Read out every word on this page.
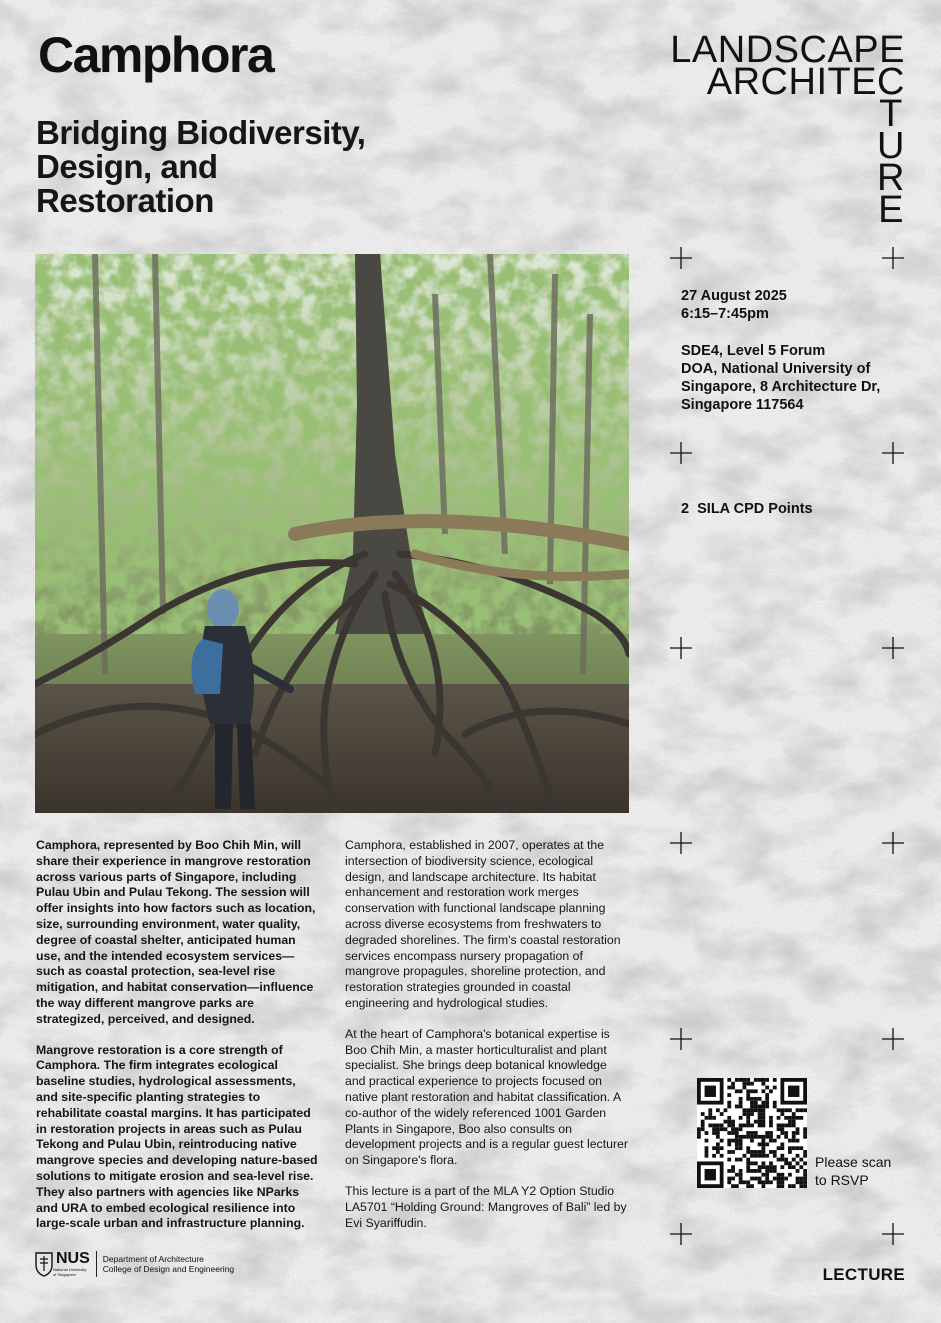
Camphora
Bridging Biodiversity,
Design, and
Restoration
LANDSCAPE
ARCHITEC
T
U
R
E
27 August 2025
6:15–7:45pm
SDE4, Level 5 Forum
DOA, National University of
Singapore, 8 Architecture Dr,
Singapore 117564
2  SILA CPD Points

Camphora, represented by Boo Chih Min, will share their experience in mangrove restoration across various parts of Singapore, including Pulau Ubin and Pulau Tekong. The session will offer insights into how factors such as location, size, surrounding environment, water quality, degree of coastal shelter, anticipated human use, and the intended ecosystem services—such as coastal protection, sea-level rise mitigation, and habitat conservation—influence the way different mangrove parks are strategized, perceived, and designed.

Mangrove restoration is a core strength of Camphora. The firm integrates ecological baseline studies, hydrological assessments, and site-specific planting strategies to rehabilitate coastal margins. It has participated in restoration projects in areas such as Pulau Tekong and Pulau Ubin, reintroducing native mangrove species and developing nature-based solutions to mitigate erosion and sea-level rise. They also partners with agencies like NParks and URA to embed ecological resilience into large-scale urban and infrastructure planning.

Camphora, established in 2007, operates at the intersection of biodiversity science, ecological design, and landscape architecture. Its habitat enhancement and restoration work merges conservation with functional landscape planning across diverse ecosystems from freshwaters to degraded shorelines. The firm's coastal restoration services encompass nursery propagation of mangrove propagules, shoreline protection, and restoration strategies grounded in coastal engineering and hydrological studies.

At the heart of Camphora's botanical expertise is Boo Chih Min, a master horticulturalist and plant specialist. She brings deep botanical knowledge and practical experience to projects focused on native plant restoration and habitat classification. A co-author of the widely referenced 1001 Garden Plants in Singapore, Boo also consults on development projects and is a regular guest lecturer on Singapore's flora.

This lecture is a part of the MLA Y2 Option Studio LA5701 “Holding Ground: Mangroves of Bali” led by Evi Syariffudin.

Please scan
to RSVP
NUS
National University
of Singapore
Department of Architecture
College of Design and Engineering	LECTURE
